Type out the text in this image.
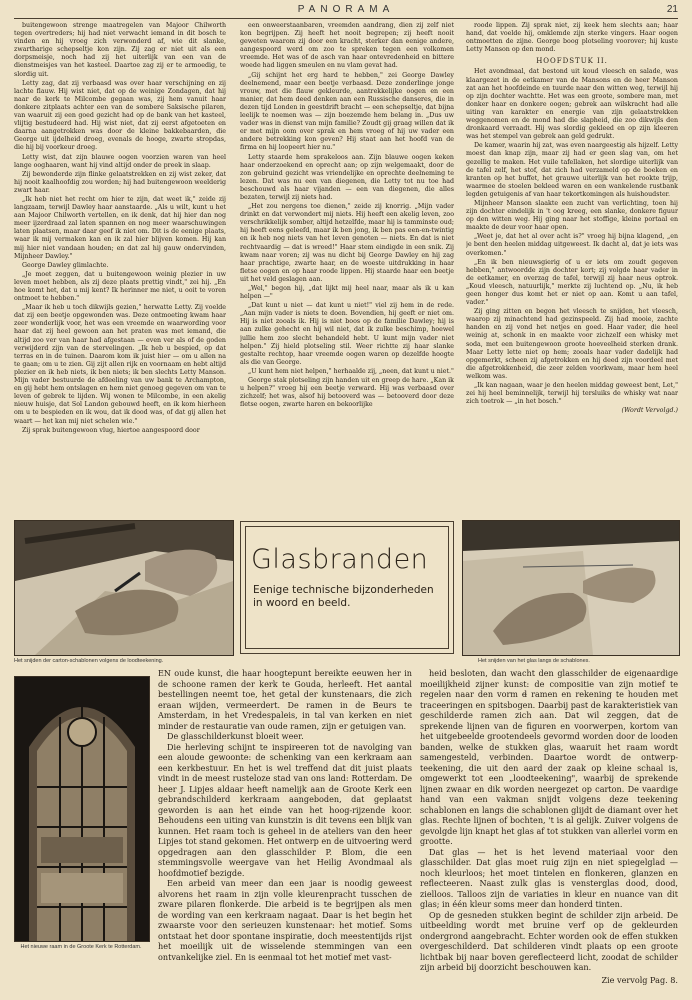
PANORAMA	21

buitengewoon strenge maatregelen van Majoor Chilworth tegen overtreders; hij had niet verwacht iemand in dit bosch te vinden en hij vroeg zich verwonderd af, wie dit slanke, zwartharige schepseltje kon zijn. Zij zag er niet uit als een dorpsmeisje, noch had zij het uiterlijk van een van de dienstmeisjes van het kasteel. Daartoe zag zij er te armoedig, te slordig uit.

Letty zag, dat zij verbaasd was over haar verschijning en zij lachte flauw. Hij wist niet, dat op de weinige Zondagen, dat hij naar de kerk te Milcombe gegaan was, zij hem vanuit haar donkere zitplaats achter een van de sombere Saksische pilaren, van waaruit zij een goed gezicht had op de bank van het kasteel, vlijtig bestudeerd had. Hij wist niet, dat zij eerst afgetoeten en daarna aangetrokken was door de kleine bakkebaarden, die George uit ijdelheid droeg, evenals de hooge, zwarte stropdas, die hij bij voorkeur droeg.

Letty wist, dat zijn blauwe oogen voorzien waren van heel lange ooghaaren, want hij vind altijd onder de preek in slaap.

Zij bewonderde zijn flinke gelaatstrekken en zij wist zeker, dat hij nooit kaalhoofdig zou worden; hij had buitengewoon weelderig zwart haar.

„Ik heb niet het recht om hier te zijn, dat weet ik," zeide zij langzaam, terwijl Dawley haar aanstaarde. „Als u wilt, kunt u het aan Majoor Chilworth vertellen, en ik denk, dat hij hier dan nog meer ijzerdraad zal laten spannen en nog meer waarschuwingen laten plaatsen, maar daar geef ik niet om. Dit is de eenige plaats, waar ik mij vermaken kan en ik zal hier blijven komen. Hij kan mij hier niet vandaan houden; en dat zal hij gauw ondervinden, Mijnheer Dawley."

George Dawley glimlachte.

„Je moet zeggen, dat u buitengewoon weinig plezier in uw leven moet hebben, als zij deze plaats prettig vindt," zei hij. „En hoe komt het, dat u mij kent? Ik herinner me niet, u ooit te voren ontmoet te hebben."

„Maar ik heb u toch dikwijls gezien," herwatte Letty. Zij voelde dat zij een beetje opgewonden was. Deze ontmoeting kwam haar zeer wonderlijk voor, het was een vreemde en waarwording voor haar dat zij heel gewoon aan het praten was met iemand, die altijd zoo ver van haar had afgestaan — even ver als of de goden verwijderd zijn van de stervelingen. „Ik heb u bespied, op dat terras en in de tuinen. Daarom kom ik juist hier — om u allen na te gaan; om u te zien. Gij zijt allen rijk en voornaam en hebt altijd plezier en ik heb niets, ik ben niets; ik ben slechts Letty Manson. Mijn vader bestuurde de afdeeling van uw bank te Archampton, en gij hebt hem ontslagen en hem niet genoeg gegeven om van te leven of gebrek te lijden. Wij wonen te Milcombe, in een akelig nieuw huisje, dat Sol Landon gebouwd heeft, en ik kom hierheen om u te bespieden en ik wou, dat ik dood was, of dat gij allen het waart — het kan mij niet schelen wie."

Zij sprak buitengewoon vlug, hiertoe aangespoord door

een onweerstaanbaren, vreemden aandrang, dien zij zelf niet kon begrijpen. Zij heeft het nooit begrepen; zij heeft nooit geweten waarom zij door een kracht, sterker dan eenige andere, aangespoord werd om zoo te spreken tegen een volkomen vreemde. Het was of de asch van haar ontevredenheid en bittere woede had liggen smeulen en nu vlam gevat had.

„Gij schijnt het erg hard te hebben," zei George Dawley deelnemend, maar een beetje verbaasd. Deze zonderlinge jonge vrouw, met die flauw gekleurde, aantrekkelijke oogen en een manier, dat hem deed denken aan een Russische danseres, die in dezen tijd Londen in geestdrift bracht — een schepseltje, dat bijna leelijk te noemen was — zijn boezemde hem belang in. „Dus uw vader was in dienst van mijn familie? Zoudt gij graag willen dat ik er met mijn oom over sprak en hem vroeg of hij uw vader een andere betrekking kon geven? Hij staat aan het hoofd van de firma en hij loopeert hier nu."

Letty staarde hem sprakeloos aan. Zijn blauwe oogen keken haar onderzoekend en oprecht aan; op zijn welgemaakt, door de zon gebruind gezicht was vriendelijke en oprechte deelneming te lezen. Dat was nu een van diegenen, die Letty tot nu toe had beschouwd als haar vijanden — een van diegenen, die alles bezaten, terwijl zij niets had.

„Het zou nergens toe dienen," zeide zij knorrig. „Mijn vader drinkt en dat verwondert mij niets. Hij heeft een akelig leven, zoo verschrikkelijk somber, altijd hetzelfde, maar hij is tamminste oud; hij heeft eens geleefd, maar ik ben jong, ik ben pas een-en-twintig en ik heb nog niets van het leven genoten — niets. En dat is niet rechtvaardig — dat is wreed!" Haar stem eindigde in een snik. Zij kwam naar voren; zij was nu dicht bij George Dawley en hij zag haar prachtige, zwarte haar, en de woeste uitdrukking in haar fletse oogen en op haar roode lippen. Hij staarde haar een beetje uit het veld geslagen aan.

„Wel," begon hij, „dat lijkt mij heel naar, maar als ik u kan helpen —"

„Dat kunt u niet — dat kunt u niet!" viel zij hem in de rede. „Aan mijn vader is niets te doen. Bovendien, hij geeft er niet om. Hij is niet zooals ik. Hij is niet boos op de familie Dawley; hij is aan zulke gehecht en hij wil niet, dat ik zulke beschimp, hoewel jullie hem zoo slecht behandeld hebt. U kunt mijn vader niet helpen." Zij hield plotseling stil. Weer richtte zij haar slanke gestalte rechtop, haar vreemde oogen waren op dezelfde hoogte als die van George.

„U kunt hem niet helpen," herhaalde zij, „neen, dat kunt u niet."

George stak plotseling zijn handen uit en greep de hare. „Kan ik u helpen?" vroeg hij een beetje verward. Hij was verbaasd over zichzelf; het was, alsof hij betooverd was — betooverd door deze fletse oogen, zwarte haren en bekoorlijke

roode lippen. Zij sprak niet, zij keek hem slechts aan; haar hand, dat voelde hij, omklemde zijn sterke vingers. Haar oogen ontmoetten de zijne. George boog plotseling voorover; hij kuste Letty Manson op den mond.

HOOFDSTUK II.

Het avondmaal, dat bestond uit koud vleesch en salade, was klaargezet in de eetkamer van de Mansons en de heer Manson zat aan het hoofdeinde en tuurde naar den witten weg, terwijl hij op zijn dochter wachtte. Het was een groote, sombere man, met donker haar en donkere oogen; gebrek aan wilskracht had alle uiting van karakter en energie van zijn gelaatstrekken weggenomen en de mond had die slapheid, die zoo dikwijls den dronkaard verraadt. Hij was slordig gekleed en op zijn kleeren was het stempel van gebrek aan geld gedrukt.

De kamer, waarin hij zat, was even naargeestig als hijzelf. Letty moest dan knap zijn, maar zij had er geen slag van, om het gezellig te maken. Het vuile tafellaken, het slordige uiterlijk van de tafel zelf, het stof, dat zich had verzameld op de boeken en kranten op het buffet, het grauwe uiterlijk van het rookte trijp, waarmee de stoelen bekleed waren en een wankelende rustbank legden getuigenis af van haar tekortkomingen als huishoudster.

Mijnheer Manson slaakte een zucht van verlichting, toen hij zijn dochter eindelijk in 't oog kreeg, een slanke, donkere figuur op den witten weg. Hij ging naar het stoffige, kleine portaal en maakte de deur voor haar open.

„Weet je, dat het al over acht is?" vroeg hij bijna klagend, „en je bent den heelen middag uitgeweest. Ik dacht al, dat je iets was overkomen."

„En ik ben nieuwsgierig of u er iets om zoudt gegeven hebben," antwoordde zijn dochter kort; zij volgde haar vader in de eetkamer, en overzag de tafel, terwijl zij haar neus optrok. „Koud vleesch, natuurlijk," merkte zij luchtend op. „Nu, ik heb geen honger dus komt het er niet op aan. Komt u aan tafel, vader."

Zij ging zitten en begon het vleesch te snijden, het vleesch, waarop zij minachtend had gezinspeeld. Zij had mooie, zachte handen en zij vond het netjes en goed. Haar vader, die heel weinig at, schonk in en maakte voor zichzelf een whisky met soda, met een buitengewoon groote hoeveelheid sterken drank. Maar Letty lette niet op hem; zooals haar vader dadelijk had opgemerkt, scheen zij afgetrokken en hij deed zijn voordeel met die afgetrokkenheid, die zeer zelden voorkwam, maar hem heel welkom was.

„Ik kan nagaan, waar je den heelen middag geweest bent, Let," zei hij heel beminnelijk, terwijl hij tersluiks de whisky wat naar zich toetrok — „in het bosch."

(Wordt Vervolgd.)
Het snijden der carton-schablonen volgens de loodteekening.
Glasbranden
Eenige technische bijzonderheden in woord en beeld.
Het snijden van het glas langs de schablones.
Het nieuwe raam in de Groote Kerk te Rotterdam.

EN oude kunst, die haar hoogtepunt bereikte eeuwen her in de schoone ramen der kerk te Gouda, herleeft. Het aantal bestellingen neemt toe, het getal der kunstenaars, die zich eraan wijden, vermeerdert. De ramen in de Beurs te Amsterdam, in het Vredespaleis, in tal van kerken en niet minder de restauratie van oude ramen, zijn er getuigen van.

De glasschilderkunst bloeit weer.

Die herleving schijnt te inspireeren tot de navolging van een aloude gewoonte: de schenking van een kerkraam aan een kerkbestuur. En het is wel treffend dat dit juist plaats vindt in de meest rusteloze stad van ons land: Rotterdam. De heer J. Lipjes aldaar heeft namelijk aan de Groote Kerk een gebrandschilderd kerkraam aangeboden, dat geplaatst geworden is aan het einde van het hoog-rijzende koor. Behoudens een uiting van kunstzin is dit tevens een blijk van kunnen. Het raam toch is geheel in de ateliers van den heer Lipjes tot stand gekomen. Het ontwerp en de uitvoering werd opgedragen aan den glasschilder P. Blom, die een stemmingsvolle weergave van het Heilig Avondmaal als hoofdmotief bezigde.

Een arbeid van meer dan een jaar is noodig geweest alvorens het raam in zijn volle kleurenpracht tusschen de zware pilaren flonkerde. Die arbeid is te begrijpen als men de wording van een kerkraam nagaat. Daar is het begin het zwaarste voor den serieuzen kunstenaar: het motief. Soms ontstaat het door spontane inspiratie, doch meestentijds rijst het moeilijk uit de wisselende stemmingen van een ontvankelijke ziel. En is eenmaal tot het motief met vast-

heid besloten, dan wacht den glasschilder de eigenaardige moeilijkheid zijner kunst: de compositie van zijn motief te regelen naar den vorm d̶ ramen en rekening te houden met traceeringen en spitsbogen. Daarbij past de karakteristiek van geschilderde ramen zich aan. Dat wil zeggen, dat de sprekende lijnen van de figuren en voorwerpen, kortom van het uitgebeelde grootendeels gevormd worden door de looden banden, welke de stukken glas, waaruit het raam wordt samengesteld, verbinden. Daartoe wordt de ontwerp-teekening, die uit den aard der zaak op kleine schaal is, omgewerkt tot een „loodteekening", waarbij de sprekende lijnen zwaar en dik worden neergezet op carton. De vaardige hand van een vakman snijdt volgens deze teekening schablonen en langs die schablonen glijdt de diamant over het glas. Rechte lijnen of bochten, 't is al gelijk. Zuiver volgens de gevolgde lijn knapt het glas af tot stukken van allerlei vorm en grootte.

Dat glas — het is het levend materiaal voor den glasschilder. Dat glas moet ruig zijn en niet spiegelglad — noch kleurloos; het moet tintelen en flonkeren, glanzen en reflecteeren. Naast zulk glas is vensterglas dood, dood, zielloos. Talloos zijn de variaties in kleur en nuance van dit glas; in één kleur soms meer dan honderd tinten.

Op de gesneden stukken begint de schilder zijn arbeid. De uitbeelding wordt met bruine verf op de gekleurden ondergrond aangebracht. Echter worden ook de effen stukken overgeschilderd. Dat schilderen vindt plaats op een groote lichtbak bij naar boven gereflecteerd licht, zoodat de schilder zijn arbeid bij doorzicht beschouwen kan.

Zie vervolg Pag. 8.
